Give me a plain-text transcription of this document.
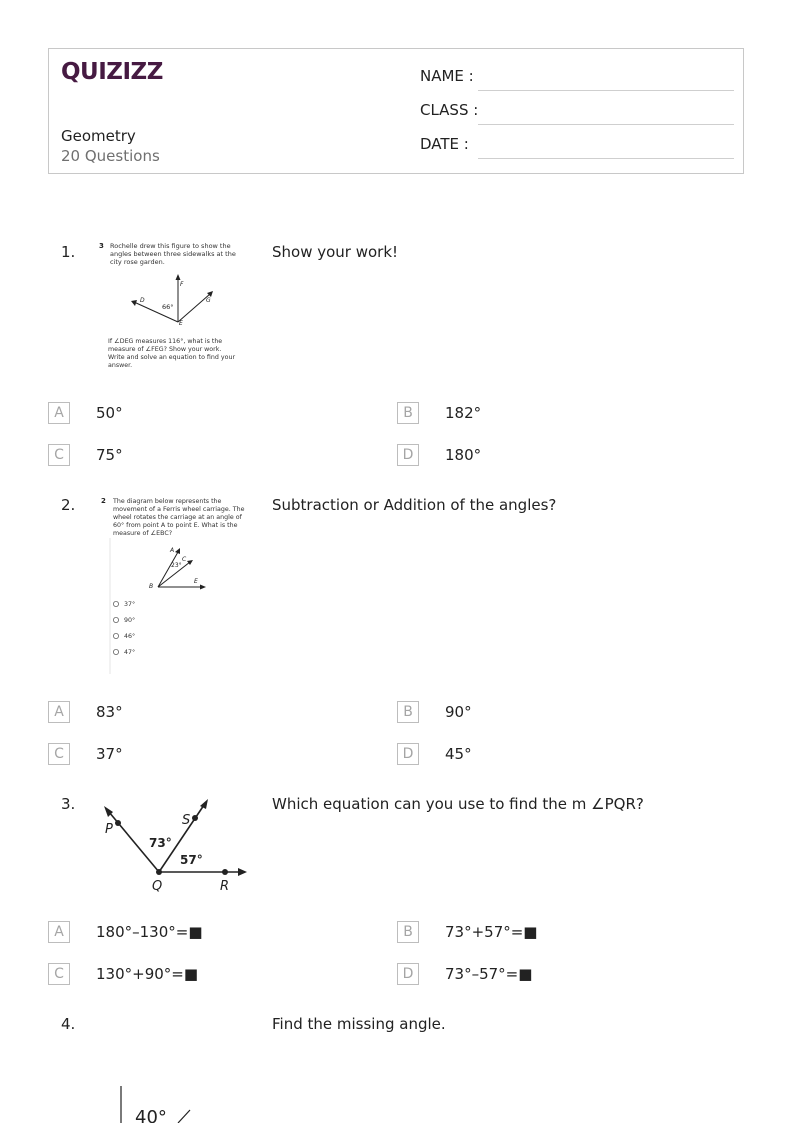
QUIZIZZ
Geometry
20 Questions
NAME :
CLASS :
DATE :
1.	3 Rochelle drew this figure to show the
angles between three sidewalks at the
city rose garden.
F
D	G
E
66°
If ∠DEG measures 116°, what is the
measure of ∠FEG? Show your work.
Write and solve an equation to find your
answer.
Show your work!
A	50°	B	182°
C	75°	D	180°
2.	2 The diagram below represents the
movement of a Ferris wheel carriage. The
wheel rotates the carriage at an angle of
60° from point A to point E. What is the
measure of ∠EBC?
A
C
B
E
23°
37°
90°
46°
47°
Subtraction or Addition of the angles?
A	83°	B	90°
C	37°	D	45°
3.
P
S
Q	R
73°
57°
Which equation can you use to find the m ∠PQR?
A	180°–130°=■	B	73°+57°=■
C	130°+90°=■	D	73°–57°=■
4.	Find the missing angle.
40°
